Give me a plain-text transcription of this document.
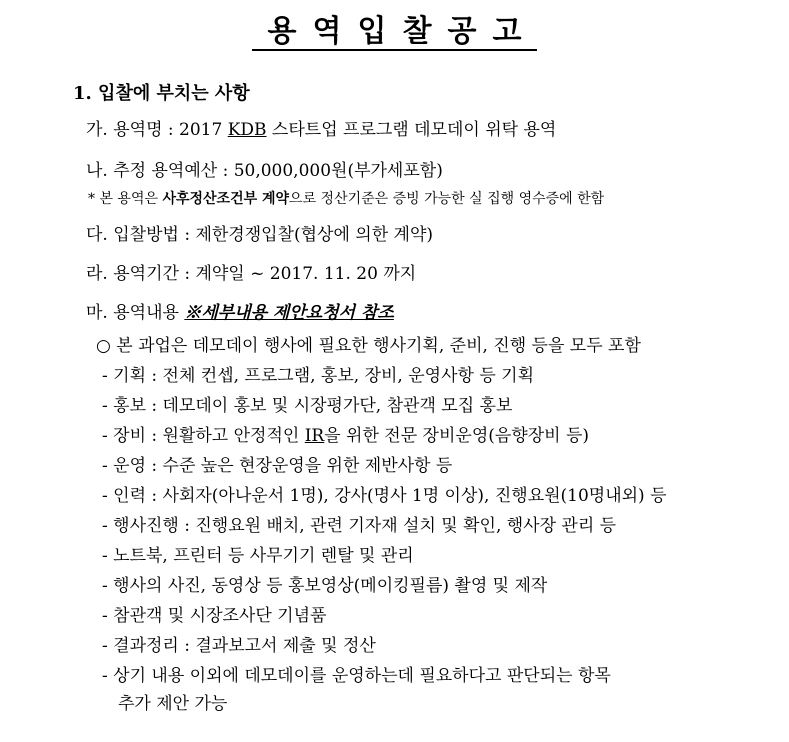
용역입찰공고
1. 입찰에 부치는 사항
가. 용역명 : 2017 KDB 스타트업 프로그램 데모데이 위탁 용역
나. 추정 용역예산 : 50,000,000원(부가세포함)
* 본 용역은 사후정산조건부 계약으로 정산기준은 증빙 가능한 실 집행 영수증에 한함
다. 입찰방법 : 제한경쟁입찰(협상에 의한 계약)
라. 용역기간 : 계약일 ~ 2017. 11. 20 까지
마. 용역내용 ※세부내용 제안요청서 참조
○ 본 과업은 데모데이 행사에 필요한 행사기획, 준비, 진행 등을 모두 포함
- 기획 : 전체 컨셉, 프로그램, 홍보, 장비, 운영사항 등 기획
- 홍보 : 데모데이 홍보 및 시장평가단, 참관객 모집 홍보
- 장비 : 원활하고 안정적인 IR을 위한 전문 장비운영(음향장비 등)
- 운영 : 수준 높은 현장운영을 위한 제반사항 등
- 인력 : 사회자(아나운서 1명), 강사(명사 1명 이상), 진행요원(10명내외) 등
- 행사진행 : 진행요원 배치, 관련 기자재 설치 및 확인, 행사장 관리 등
- 노트북, 프린터 등 사무기기 렌탈 및 관리
- 행사의 사진, 동영상 등 홍보영상(메이킹필름) 촬영 및 제작
- 참관객 및 시장조사단 기념품
- 결과정리 : 결과보고서 제출 및 정산
- 상기 내용 이외에 데모데이를 운영하는데 필요하다고 판단되는 항목
추가 제안 가능
